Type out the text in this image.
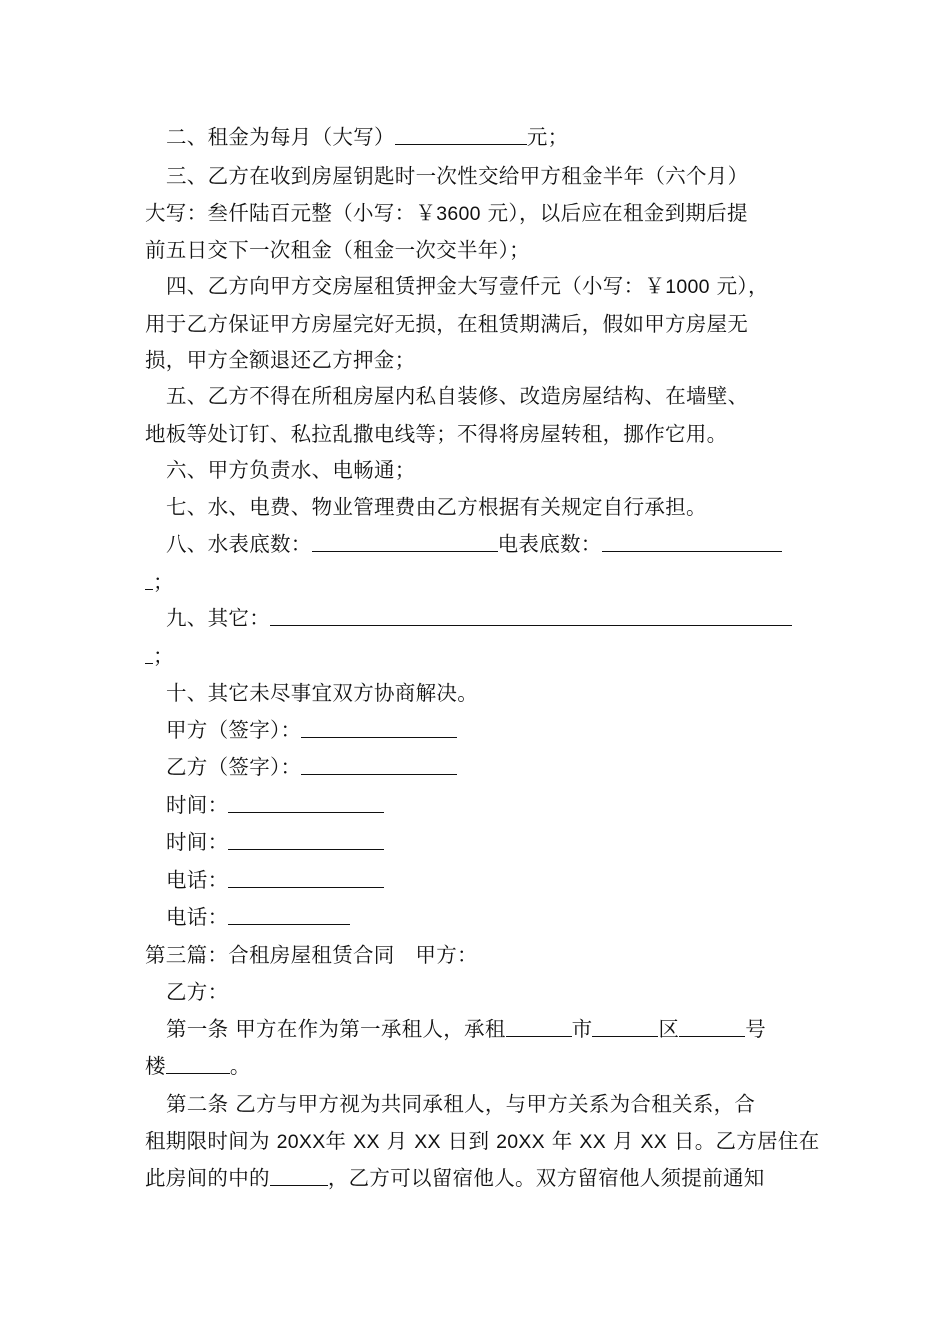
二、租金为每月（大写）	元；
三、乙方在收到房屋钥匙时一次性交给甲方租金半年（六个月）
大写：叁仟陆百元整（小写：￥3600 元），以后应在租金到期后提
前五日交下一次租金（租金一次交半年）；
四、乙方向甲方交房屋租赁押金大写壹仟元（小写：￥1000 元），
用于乙方保证甲方房屋完好无损，在租赁期满后，假如甲方房屋无
损，甲方全额退还乙方押金；
五、乙方不得在所租房屋内私自装修、改造房屋结构、在墙壁、
地板等处订钉、私拉乱撒电线等；不得将房屋转租，挪作它用。
六、甲方负责水、电畅通；
七、水、电费、物业管理费由乙方根据有关规定自行承担。
八、水表底数：	电表底数：
；
九、其它：
；
十、其它未尽事宜双方协商解决。
甲方（签字）：
乙方（签字）：
时间：
时间：
电话：
电话：
第三篇：合租房屋租赁合同　甲方：
乙方：
第一条 甲方在作为第一承租人，承租	市	区	号
楼	。
第二条 乙方与甲方视为共同承租人，与甲方关系为合租关系，合
租期限时间为 20XX年 XX 月 XX 日到 20XX 年 XX 月 XX 日。乙方居住在
此房间的中的	，乙方可以留宿他人。双方留宿他人须提前通知
